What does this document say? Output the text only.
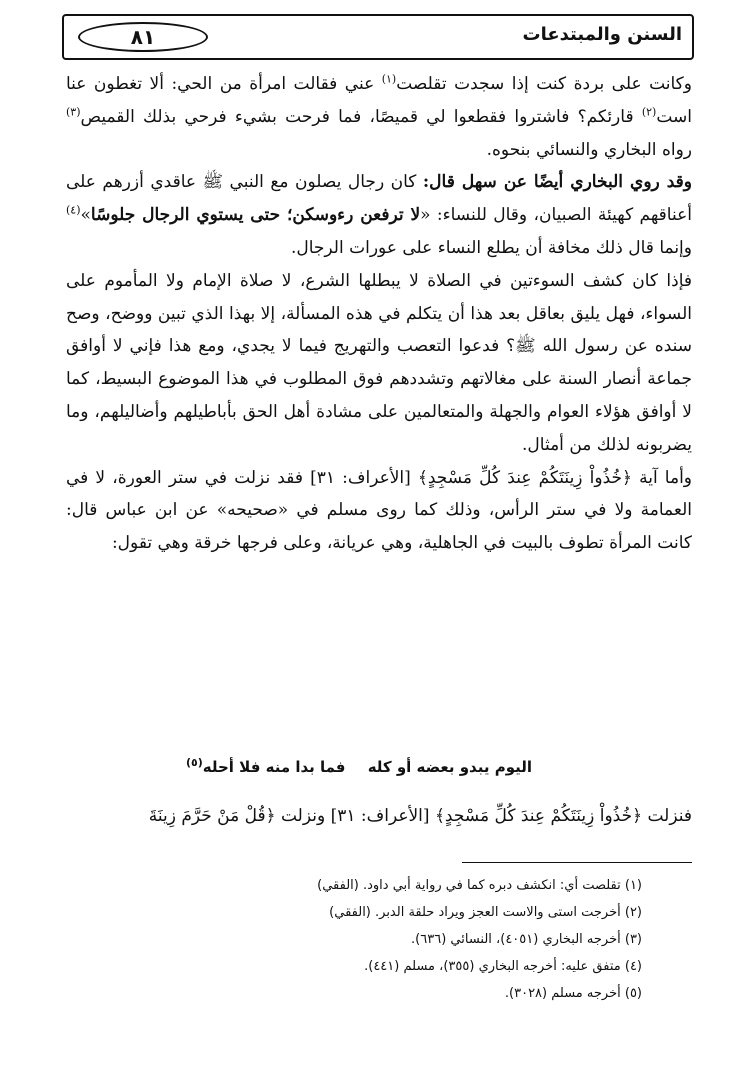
السنن والمبتدعات
٨١

وكانت على بردة كنت إذا سجدت تقلصت$^{(١)}$ عني فقالت امرأة من الحي: ألا تغطون عنا است$^{(٢)}$ قارئكم؟ فاشتروا فقطعوا لي قميصًا، فما فرحت بشيء فرحي بذلك القميص$^{(٣)}$ رواه البخاري والنسائي بنحوه.

وقد روي البخاري أيضًا عن سهل قال: كان رجال يصلون مع النبي ﷺ عاقدي أزرهم على أعناقهم كهيئة الصبيان، وقال للنساء: «لا ترفعن رءوسكن؛ حتى يستوي الرجال جلوسًا»$^{(٤)}$ وإنما قال ذلك مخافة أن يطلع النساء على عورات الرجال.

فإذا كان كشف السوءتين في الصلاة لا يبطلها الشرع، لا صلاة الإمام ولا المأموم على السواء، فهل يليق بعاقل بعد هذا أن يتكلم في هذه المسألة، إلا بهذا الذي تبين ووضح، وصح سنده عن رسول الله ﷺ؟ فدعوا التعصب والتهريج فيما لا يجدي، ومع هذا فإني لا أوافق جماعة أنصار السنة على مغالاتهم وتشددهم فوق المطلوب في هذا الموضوع البسيط، كما لا أوافق هؤلاء العوام والجهلة والمتعالمين على مشادة أهل الحق بأباطيلهم وأضاليلهم، وما يضربونه لذلك من أمثال.

وأما آية ﴿خُذُواْ زِينَتَكُمْ عِندَ كُلِّ مَسْجِدٍ﴾ [الأعراف: ٣١] فقد نزلت في ستر العورة، لا في العمامة ولا في ستر الرأس، وذلك كما روى مسلم في «صحيحه» عن ابن عباس قال: كانت المرأة تطوف بالبيت في الجاهلية، وهي عريانة، وعلى فرجها خرقة وهي تقول:

اليوم يبدو بعضه أو كله
فما بدا منه فلا أحله$^{(٥)}$

فنزلت ﴿خُذُواْ زِينَتَكُمْ عِندَ كُلِّ مَسْجِدٍ﴾ [الأعراف: ٣١] ونزلت ﴿قُلْ مَنْ حَرَّمَ زِينَةَ

(١) تقلصت أي: انكشف دبره كما في رواية أبي داود. (الفقي)

(٢) أخرجت استى والاست العجز ويراد حلقة الدبر. (الفقي)

(٣) أخرجه البخاري (٤٠٥١)، النسائي (٦٣٦).

(٤) متفق عليه: أخرجه البخاري (٣٥٥)، مسلم (٤٤١).

(٥) أخرجه مسلم (٣٠٢٨).
